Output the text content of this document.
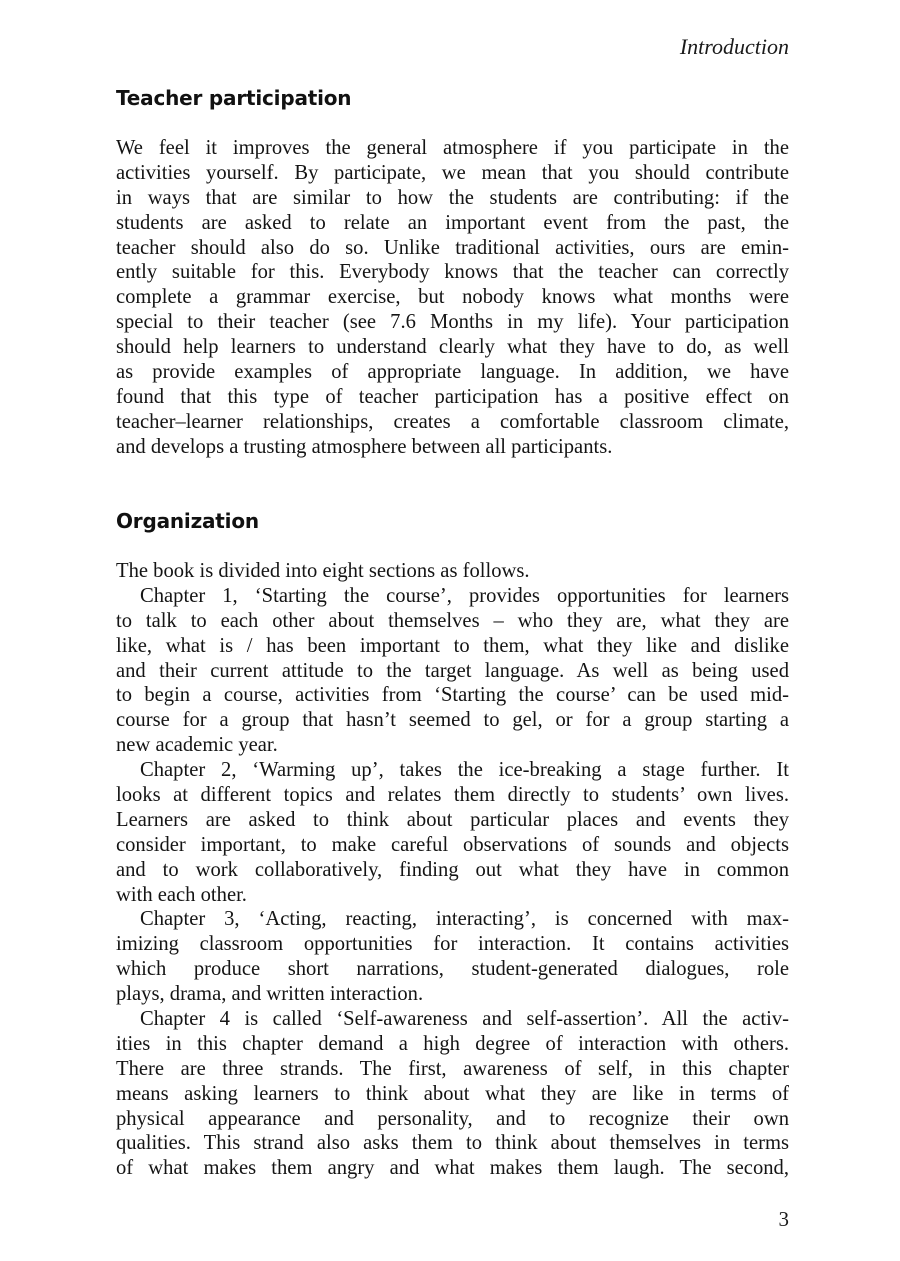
Introduction
Teacher participation
We feel it improves the general atmosphere if you participate in the
activities yourself. By participate, we mean that you should contribute
in ways that are similar to how the students are contributing: if the
students are asked to relate an important event from the past, the
teacher should also do so. Unlike traditional activities, ours are emin-
ently suitable for this. Everybody knows that the teacher can correctly
complete a grammar exercise, but nobody knows what months were
special to their teacher (see 7.6 Months in my life). Your participation
should help learners to understand clearly what they have to do, as well
as provide examples of appropriate language. In addition, we have
found that this type of teacher participation has a positive effect on
teacher–learner relationships, creates a comfortable classroom climate,
and develops a trusting atmosphere between all participants.
Organization
The book is divided into eight sections as follows.
Chapter 1, ‘Starting the course’, provides opportunities for learners
to talk to each other about themselves – who they are, what they are
like, what is / has been important to them, what they like and dislike
and their current attitude to the target language. As well as being used
to begin a course, activities from ‘Starting the course’ can be used mid-
course for a group that hasn’t seemed to gel, or for a group starting a
new academic year.
Chapter 2, ‘Warming up’, takes the ice-breaking a stage further. It
looks at different topics and relates them directly to students’ own lives.
Learners are asked to think about particular places and events they
consider important, to make careful observations of sounds and objects
and to work collaboratively, finding out what they have in common
with each other.
Chapter 3, ‘Acting, reacting, interacting’, is concerned with max-
imizing classroom opportunities for interaction. It contains activities
which produce short narrations, student-generated dialogues, role
plays, drama, and written interaction.
Chapter 4 is called ‘Self-awareness and self-assertion’. All the activ-
ities in this chapter demand a high degree of interaction with others.
There are three strands. The first, awareness of self, in this chapter
means asking learners to think about what they are like in terms of
physical appearance and personality, and to recognize their own
qualities. This strand also asks them to think about themselves in terms
of what makes them angry and what makes them laugh. The second,
3
